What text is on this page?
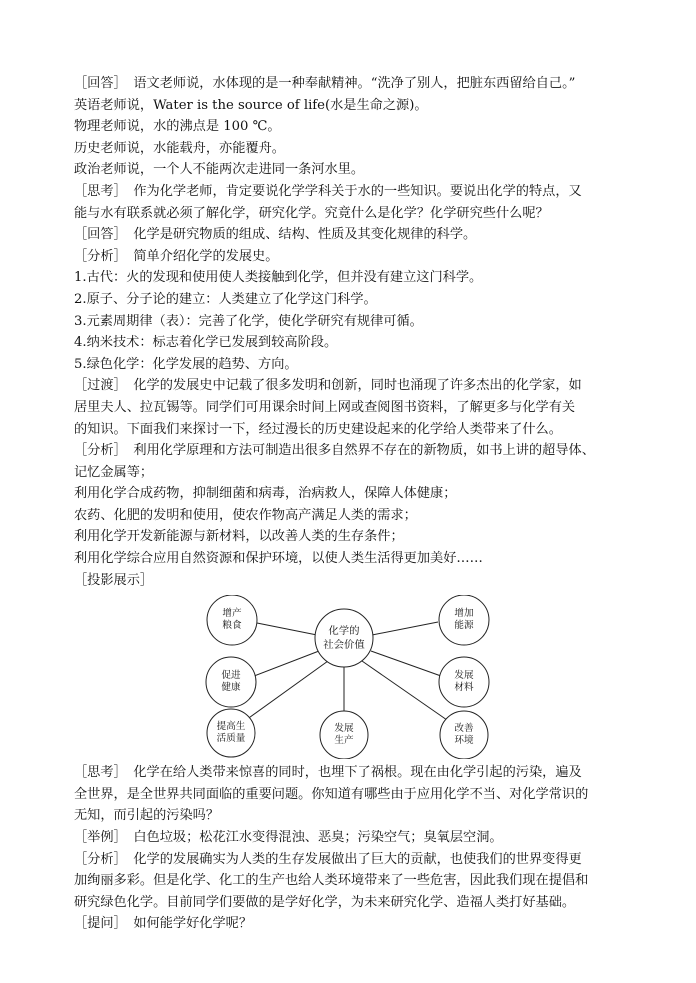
［回答］　语文老师说，水体现的是一种奉献精神。“洗净了别人，把脏东西留给自己。”
英语老师说，Water is the source of life(水是生命之源)。
物理老师说，水的沸点是 100 ℃。
历史老师说，水能载舟，亦能覆舟。
政治老师说，一个人不能两次走进同一条河水里。
［思考］　作为化学老师，肯定要说化学学科关于水的一些知识。要说出化学的特点，又
能与水有联系就必须了解化学，研究化学。究竟什么是化学？化学研究些什么呢？
［回答］　化学是研究物质的组成、结构、性质及其变化规律的科学。
［分析］　简单介绍化学的发展史。
1.古代：火的发现和使用使人类接触到化学，但并没有建立这门科学。
2.原子、分子论的建立：人类建立了化学这门科学。
3.元素周期律（表）：完善了化学，使化学研究有规律可循。
4.纳米技术：标志着化学已发展到较高阶段。
5.绿色化学：化学发展的趋势、方向。
［过渡］　化学的发展史中记载了很多发明和创新，同时也涌现了许多杰出的化学家，如
居里夫人、拉瓦锡等。同学们可用课余时间上网或查阅图书资料，了解更多与化学有关
的知识。下面我们来探讨一下，经过漫长的历史建设起来的化学给人类带来了什么。
［分析］　利用化学原理和方法可制造出很多自然界不存在的新物质，如书上讲的超导体、
记忆金属等；
利用化学合成药物，抑制细菌和病毒，治病救人，保障人体健康；
农药、化肥的发明和使用，使农作物高产满足人类的需求；
利用化学开发新能源与新材料，以改善人类的生存条件；
利用化学综合应用自然资源和保护环境，以使人类生活得更加美好……
［投影展示］
化学的
社会价值
增产
粮食
促进
健康
提高生
活质量
发展
生产
改善
环境
发展
材料
增加
能源
［思考］　化学在给人类带来惊喜的同时，也埋下了祸根。现在由化学引起的污染，遍及
全世界，是全世界共同面临的重要问题。你知道有哪些由于应用化学不当、对化学常识的
无知，而引起的污染吗？
［举例］　白色垃圾；松花江水变得混浊、恶臭；污染空气；臭氧层空洞。
［分析］　化学的发展确实为人类的生存发展做出了巨大的贡献，也使我们的世界变得更
加绚丽多彩。但是化学、化工的生产也给人类环境带来了一些危害，因此我们现在提倡和
研究绿色化学。目前同学们要做的是学好化学，为未来研究化学、造福人类打好基础。
［提问］　如何能学好化学呢？
